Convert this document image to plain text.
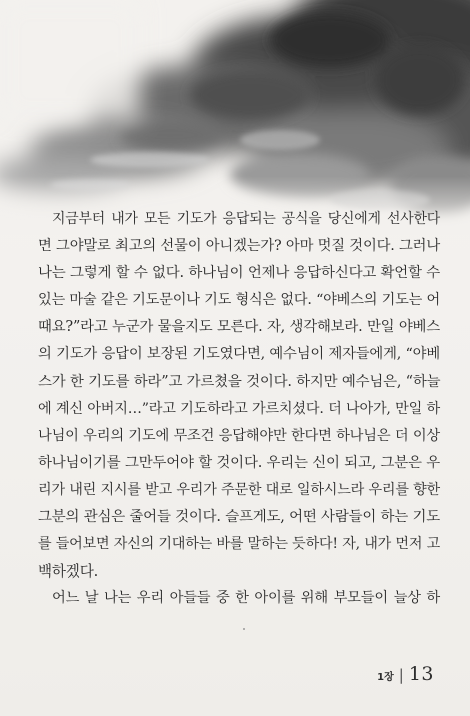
지금부터 내가 모든 기도가 응답되는 공식을 당신에게 선사한다
면 그야말로 최고의 선물이 아니겠는가? 아마 멋질 것이다. 그러나
나는 그렇게 할 수 없다. 하나님이 언제나 응답하신다고 확언할 수
있는 마술 같은 기도문이나 기도 형식은 없다. “야베스의 기도는 어
때요?”라고 누군가 물을지도 모른다. 자, 생각해보라. 만일 야베스
의 기도가 응답이 보장된 기도였다면, 예수님이 제자들에게, “야베
스가 한 기도를 하라”고 가르쳤을 것이다. 하지만 예수님은, “하늘
에 계신 아버지…”라고 기도하라고 가르치셨다. 더 나아가, 만일 하
나님이 우리의 기도에 무조건 응답해야만 한다면 하나님은 더 이상
하나님이기를 그만두어야 할 것이다. 우리는 신이 되고, 그분은 우
리가 내린 지시를 받고 우리가 주문한 대로 일하시느라 우리를 향한
그분의 관심은 줄어들 것이다. 슬프게도, 어떤 사람들이 하는 기도
를 들어보면 자신의 기대하는 바를 말하는 듯하다! 자, 내가 먼저 고
백하겠다.

어느 날 나는 우리 아들들 중 한 아이를 위해 부모들이 늘상 하

1장 | 13
